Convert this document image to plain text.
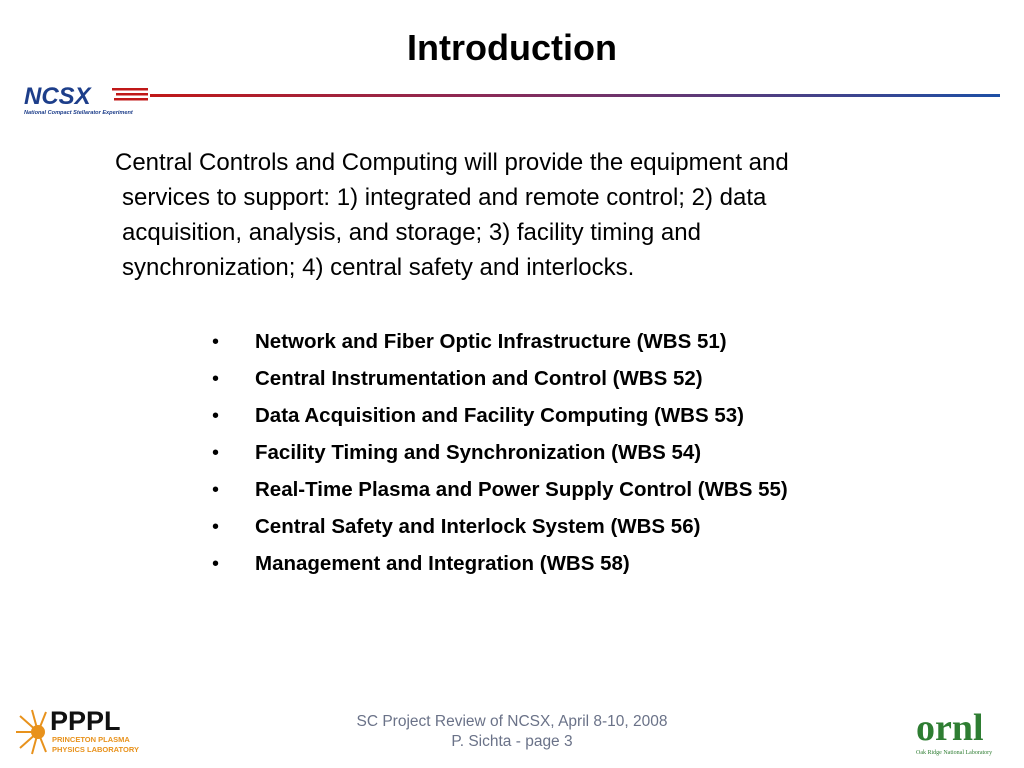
Introduction
NCSX
National Compact Stellarator Experiment
Central Controls and Computing will provide the equipment and
services to support: 1) integrated and remote control; 2) data
acquisition, analysis, and storage; 3) facility timing and
synchronization; 4) central safety and interlocks.
•	Network and Fiber Optic Infrastructure (WBS 51)
•	Central Instrumentation and Control (WBS 52)
•	Data Acquisition and Facility Computing (WBS 53)
•	Facility Timing and Synchronization (WBS 54)
•	Real-Time Plasma and Power Supply Control (WBS 55)
•	Central Safety and Interlock System (WBS 56)
•	Management and Integration (WBS 58)
PPPL
PRINCETON PLASMA
PHYSICS LABORATORY
SC Project Review of NCSX, April 8-10, 2008
P. Sichta - page 3	ornl
Oak Ridge National Laboratory
